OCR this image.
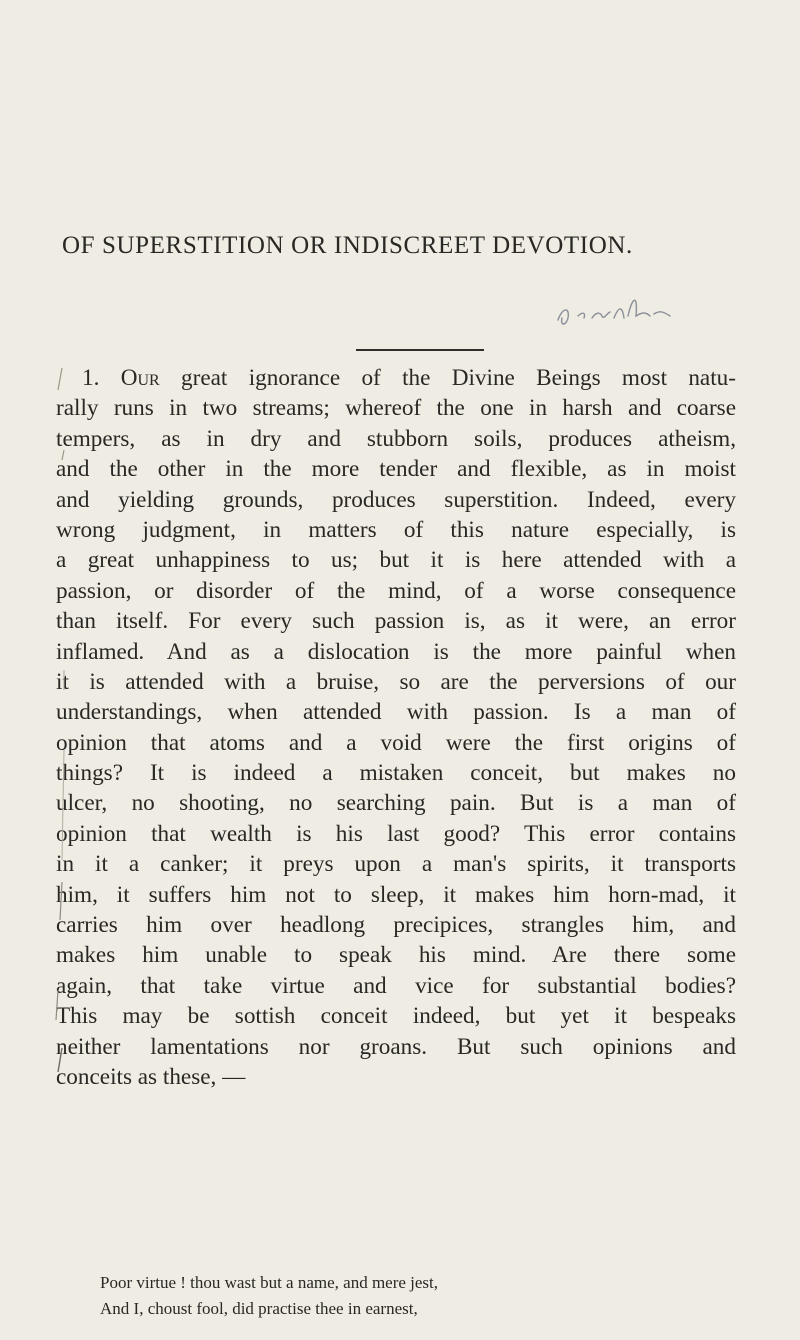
OF SUPERSTITION OR INDISCREET DEVOTION.
1. Our great ignorance of the Divine Beings most natu-
rally runs in two streams; whereof the one in harsh and coarse
tempers, as in dry and stubborn soils, produces atheism,
and the other in the more tender and flexible, as in moist
and yielding grounds, produces superstition. Indeed, every
wrong judgment, in matters of this nature especially, is
a great unhappiness to us; but it is here attended with a
passion, or disorder of the mind, of a worse consequence
than itself. For every such passion is, as it were, an error
inflamed. And as a dislocation is the more painful when
it is attended with a bruise, so are the perversions of our
understandings, when attended with passion. Is a man of
opinion that atoms and a void were the first origins of
things? It is indeed a mistaken conceit, but makes no
ulcer, no shooting, no searching pain. But is a man of
opinion that wealth is his last good? This error contains
in it a canker; it preys upon a man's spirits, it transports
him, it suffers him not to sleep, it makes him horn-mad, it
carries him over headlong precipices, strangles him, and
makes him unable to speak his mind. Are there some
again, that take virtue and vice for substantial bodies?
This may be sottish conceit indeed, but yet it bespeaks
neither lamentations nor groans. But such opinions and
conceits as these, —
Poor virtue ! thou wast but a name, and mere jest,
And I, choust fool, did practise thee in earnest,
